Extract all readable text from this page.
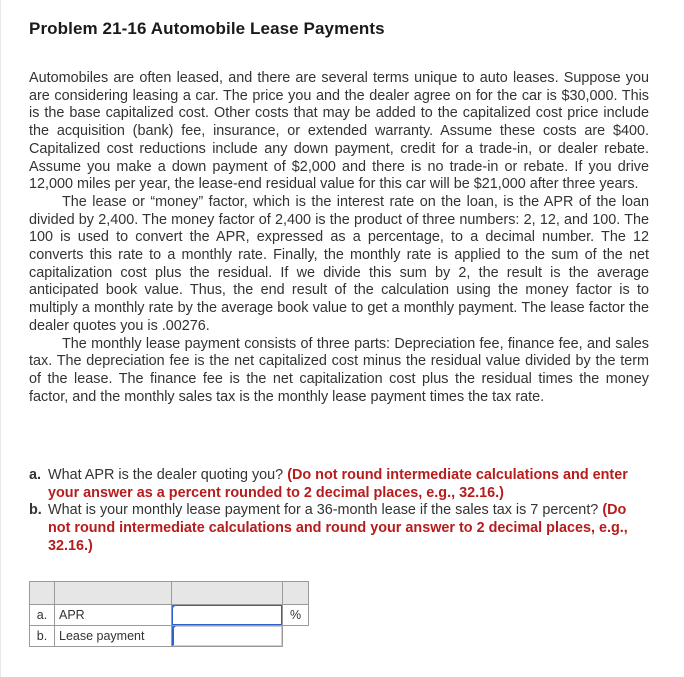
Problem 21-16 Automobile Lease Payments

Automobiles are often leased, and there are several terms unique to auto leases. Suppose you are considering leasing a car. The price you and the dealer agree on for the car is $30,000. This is the base capitalized cost. Other costs that may be added to the capitalized cost price include the acquisition (bank) fee, insurance, or extended warranty. Assume these costs are $400. Capitalized cost reductions include any down payment, credit for a trade-in, or dealer rebate. Assume you make a down payment of $2,000 and there is no trade-in or rebate. If you drive 12,000 miles per year, the lease-end residual value for this car will be $21,000 after three years.

The lease or “money” factor, which is the interest rate on the loan, is the APR of the loan divided by 2,400. The money factor of 2,400 is the product of three numbers: 2, 12, and 100. The 100 is used to convert the APR, expressed as a percentage, to a decimal number. The 12 converts this rate to a monthly rate. Finally, the monthly rate is applied to the sum of the net capitalization cost plus the residual. If we divide this sum by 2, the result is the average anticipated book value. Thus, the end result of the calculation using the money factor is to multiply a monthly rate by the average book value to get a monthly payment. The lease factor the dealer quotes you is .00276.

The monthly lease payment consists of three parts: Depreciation fee, finance fee, and sales tax. The depreciation fee is the net capitalized cost minus the residual value divided by the term of the lease. The finance fee is the net capitalization cost plus the residual times the money factor, and the monthly sales tax is the monthly lease payment times the tax rate.

a. What APR is the dealer quoting you? (Do not round intermediate calculations and enter your answer as a percent rounded to 2 decimal places, e.g., 32.16.)
b. What is your monthly lease payment for a 36-month lease if the sales tax is 7 percent? (Do not round intermediate calculations and round your answer to 2 decimal places, e.g., 32.16.)

a.	APR		%
b.	Lease payment	
